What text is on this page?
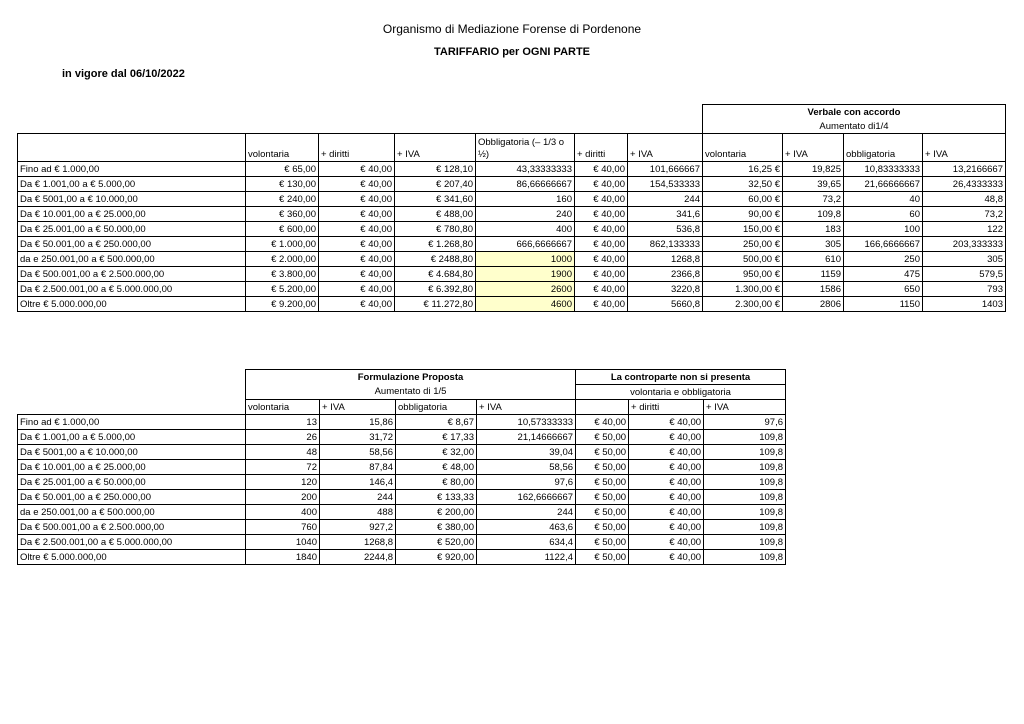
Organismo di Mediazione Forense di Pordenone
TARIFFARIO per OGNI PARTE
in vigore dal 06/10/2022
							Verbale con accordo			
							Aumentato di1/4			
	volontaria	+ diritti	+ IVA	Obbligatoria (– 1/3 o ½)	+ diritti	+ IVA	volontaria	+ IVA	obbligatoria	+ IVA
Fino ad € 1.000,00	€ 65,00	€ 40,00	€ 128,10	43,33333333	€ 40,00	101,666667	16,25 €	19,825	10,83333333	13,2166667
Da € 1.001,00 a € 5.000,00	€ 130,00	€ 40,00	€ 207,40	86,66666667	€ 40,00	154,533333	32,50 €	39,65	21,66666667	26,4333333
Da € 5001,00 a € 10.000,00	€ 240,00	€ 40,00	€ 341,60	160	€ 40,00	244	60,00 €	73,2	40	48,8
Da € 10.001,00 a € 25.000,00	€ 360,00	€ 40,00	€ 488,00	240	€ 40,00	341,6	90,00 €	109,8	60	73,2
Da € 25.001,00 a € 50.000,00	€ 600,00	€ 40,00	€ 780,80	400	€ 40,00	536,8	150,00 €	183	100	122
Da € 50.001,00 a € 250.000,00	€ 1.000,00	€ 40,00	€ 1.268,80	666,6666667	€ 40,00	862,133333	250,00 €	305	166,6666667	203,333333
da e 250.001,00 a € 500.000,00	€ 2.000,00	€ 40,00	€ 2488,80	1000	€ 40,00	1268,8	500,00 €	610	250	305
Da € 500.001,00 a € 2.500.000,00	€ 3.800,00	€ 40,00	€ 4.684,80	1900	€ 40,00	2366,8	950,00 €	1159	475	579,5
Da € 2.500.001,00 a € 5.000.000,00	€ 5.200,00	€ 40,00	€ 6.392,80	2600	€ 40,00	3220,8	1.300,00 €	1586	650	793
Oltre € 5.000.000,00	€ 9.200,00	€ 40,00	€ 11.272,80	4600	€ 40,00	5660,8	2.300,00 €	2806	1150	1403
	Formulazione Proposta				La controparte non si presenta		
	Aumentato di 1/5				volontaria e obbligatoria		
	volontaria	+ IVA	obbligatoria	+ IVA		+ diritti	+ IVA
Fino ad € 1.000,00	13	15,86	€ 8,67	10,57333333	€ 40,00	€ 40,00	97,6
Da € 1.001,00 a € 5.000,00	26	31,72	€ 17,33	21,14666667	€ 50,00	€ 40,00	109,8
Da € 5001,00 a € 10.000,00	48	58,56	€ 32,00	39,04	€ 50,00	€ 40,00	109,8
Da € 10.001,00 a € 25.000,00	72	87,84	€ 48,00	58,56	€ 50,00	€ 40,00	109,8
Da € 25.001,00 a € 50.000,00	120	146,4	€ 80,00	97,6	€ 50,00	€ 40,00	109,8
Da € 50.001,00 a € 250.000,00	200	244	€ 133,33	162,6666667	€ 50,00	€ 40,00	109,8
da e 250.001,00 a € 500.000,00	400	488	€ 200,00	244	€ 50,00	€ 40,00	109,8
Da € 500.001,00 a € 2.500.000,00	760	927,2	€ 380,00	463,6	€ 50,00	€ 40,00	109,8
Da € 2.500.001,00 a € 5.000.000,00	1040	1268,8	€ 520,00	634,4	€ 50,00	€ 40,00	109,8
Oltre € 5.000.000,00	1840	2244,8	€ 920,00	1122,4	€ 50,00	€ 40,00	109,8
